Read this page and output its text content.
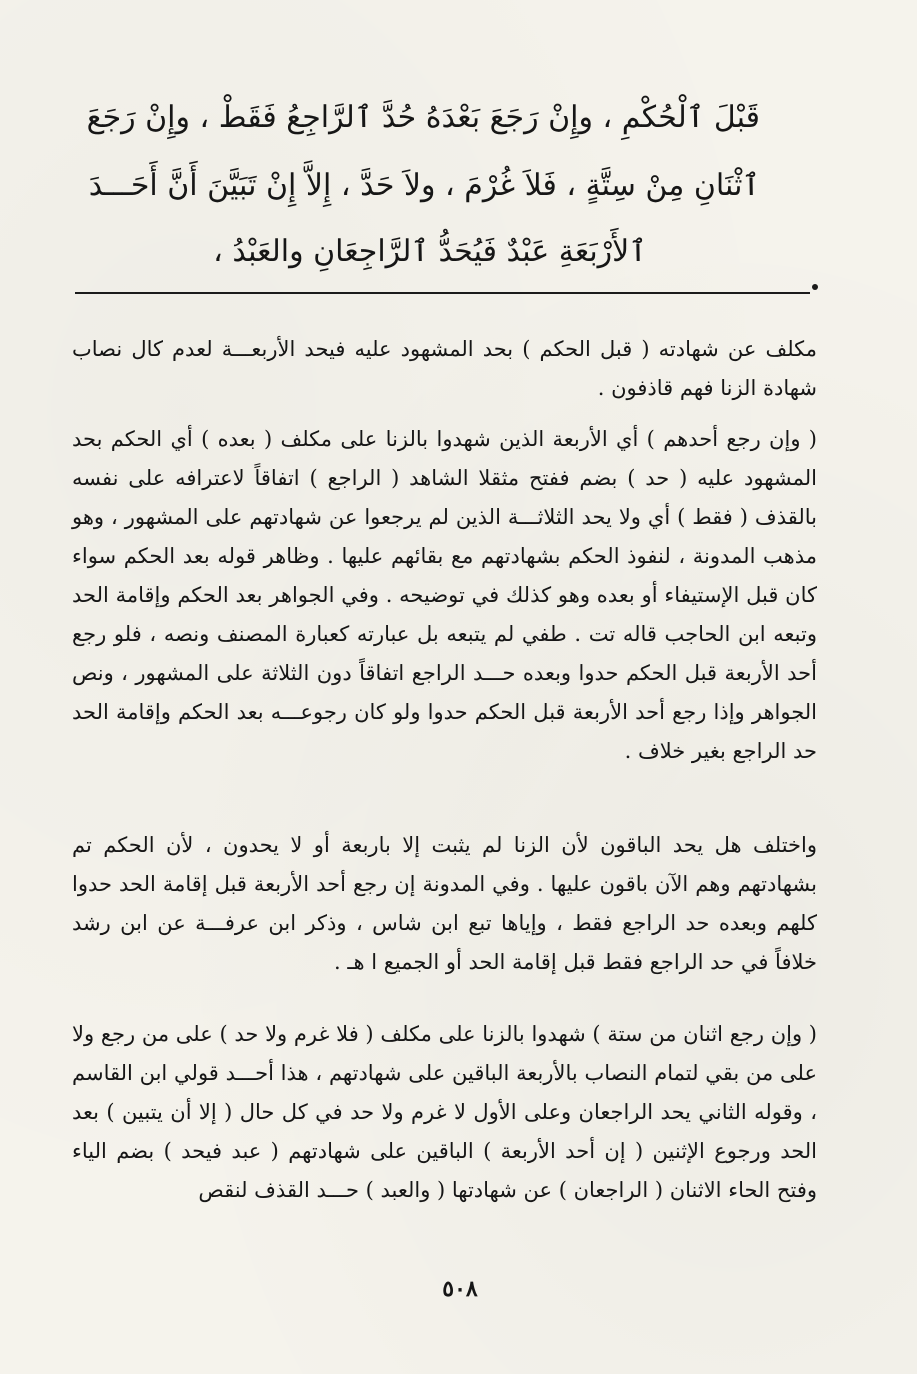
قَبْلَ ٱلْحُكْمِ ، وإِنْ رَجَعَ بَعْدَهُ حُدَّ ٱلرَّاجِعُ فَقَطْ ، وإِنْ رَجَعَ
ٱثْنَانِ مِنْ سِتَّةٍ ، فَلاَ غُرْمَ ، ولاَ حَدَّ ، إِلاَّ إِنْ تَبَيَّنَ أَنَّ أَحَـــدَ
ٱلأَرْبَعَةِ عَبْدٌ فَيُحَدُّ ٱلرَّاجِعَانِ والعَبْدُ ،
مكلف عن شهادته ( قبل الحكم ) بحد المشهود عليه فيحد الأربعـــة لعدم كال نصاب شهادة الزنا فهم قاذفون .
( وإن رجع أحدهم ) أي الأربعة الذين شهدوا بالزنا على مكلف ( بعده ) أي الحكم بحد المشهود عليه ( حد ) بضم ففتح مثقلا الشاهد ( الراجع ) اتفاقاً لاعترافه على نفسه بالقذف ( فقط ) أي ولا يحد الثلاثـــة الذين لم يرجعوا عن شهادتهم على المشهور ، وهو مذهب المدونة ، لنفوذ الحكم بشهادتهم مع بقائهم عليها . وظاهر قوله بعد الحكم سواء كان قبل الإستيفاء أو بعده وهو كذلك في توضيحه . وفي الجواهر بعد الحكم وإقامة الحد وتبعه ابن الحاجب قاله تت . طفي لم يتبعه بل عبارته كعبارة المصنف ونصه ، فلو رجع أحد الأربعة قبل الحكم حدوا وبعده حـــد الراجع اتفاقاً دون الثلاثة على المشهور ، ونص الجواهر وإذا رجع أحد الأربعة قبل الحكم حدوا ولو كان رجوعـــه بعد الحكم وإقامة الحد حد الراجع بغير خلاف .
واختلف هل يحد الباقون لأن الزنا لم يثبت إلا باربعة أو لا يحدون ، لأن الحكم تم بشهادتهم وهم الآن باقون عليها . وفي المدونة إن رجع أحد الأربعة قبل إقامة الحد حدوا كلهم وبعده حد الراجع فقط ، وإياها تبع ابن شاس ، وذكر ابن عرفـــة عن ابن رشد خلافاً في حد الراجع فقط قبل إقامة الحد أو الجميع ا هـ .
( وإن رجع اثنان من ستة ) شهدوا بالزنا على مكلف ( فلا غرم ولا حد ) على من رجع ولا على من بقي لتمام النصاب بالأربعة الباقين على شهادتهم ، هذا أحـــد قولي ابن القاسم ، وقوله الثاني يحد الراجعان وعلى الأول لا غرم ولا حد في كل حال ( إلا أن يتبين ) بعد الحد ورجوع الإثنين ( إن أحد الأربعة ) الباقين على شهادتهم ( عبد فيحد ) بضم الياء وفتح الحاء الاثنان ( الراجعان ) عن شهادتها ( والعبد ) حـــد القذف لنقص
٥٠٨
